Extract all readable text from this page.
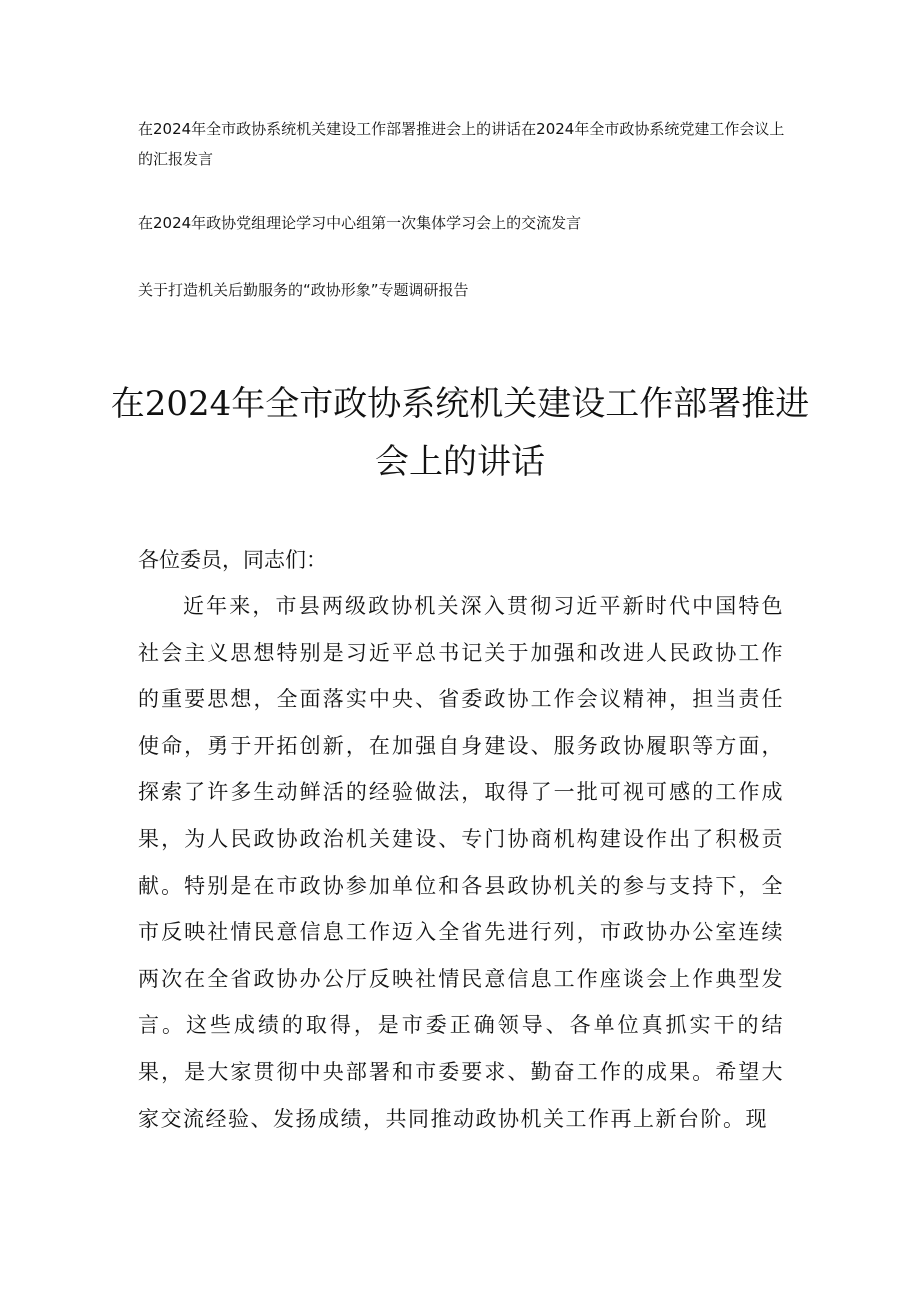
在2024年全市政协系统机关建设工作部署推进会上的讲话在2024年全市政协系统党建工作会议上的汇报发言

在2024年政协党组理论学习中心组第一次集体学习会上的交流发言

关于打造机关后勤服务的“政协形象”专题调研报告

在2024年全市政协系统机关建设工作部署推进会上的讲话

各位委员，同志们：

近年来，市县两级政协机关深入贯彻习近平新时代中国特色社会主义思想特别是习近平总书记关于加强和改进人民政协工作的重要思想，全面落实中央、省委政协工作会议精神，担当责任使命，勇于开拓创新，在加强自身建设、服务政协履职等方面，探索了许多生动鲜活的经验做法，取得了一批可视可感的工作成果，为人民政协政治机关建设、专门协商机构建设作出了积极贡献。特别是在市政协参加单位和各县政协机关的参与支持下，全市反映社情民意信息工作迈入全省先进行列，市政协办公室连续两次在全省政协办公厅反映社情民意信息工作座谈会上作典型发言。这些成绩的取得，是市委正确领导、各单位真抓实干的结果，是大家贯彻中央部署和市委要求、勤奋工作的成果。希望大家交流经验、发扬成绩，共同推动政协机关工作再上新台阶。现
